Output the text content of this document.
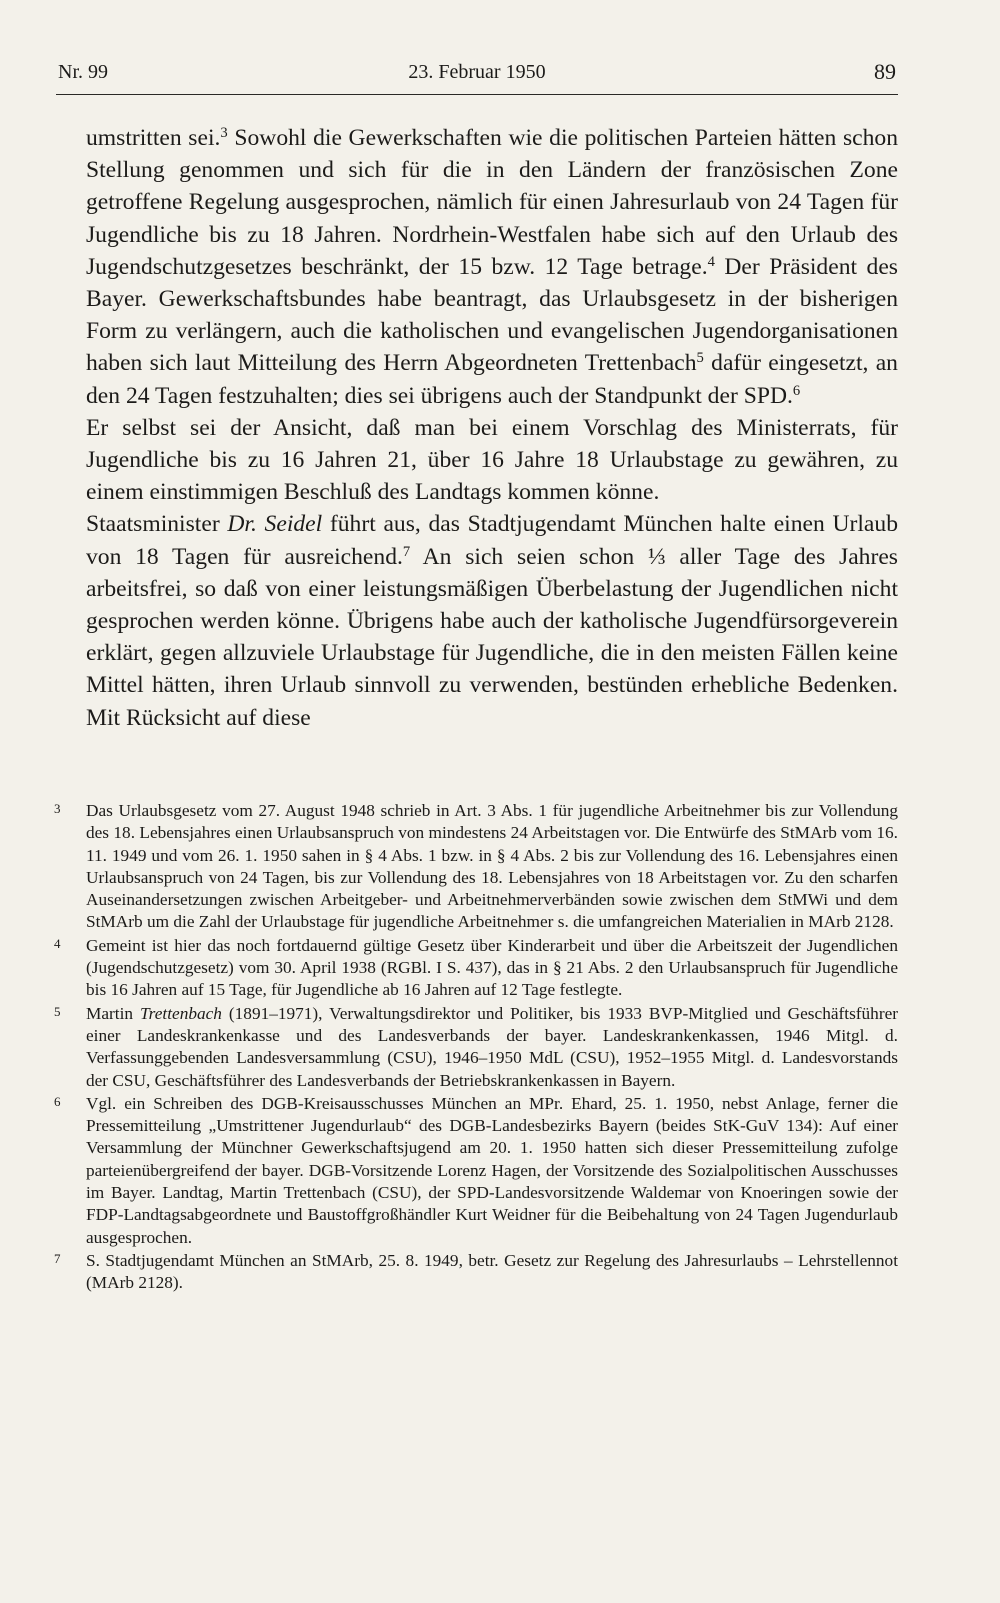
Nr. 99	23. Februar 1950	89

umstritten sei.$^3$ Sowohl die Gewerkschaften wie die politischen Parteien hätten schon Stellung genommen und sich für die in den Ländern der französischen Zone getroffene Regelung ausgesprochen, nämlich für einen Jahresurlaub von 24 Tagen für Jugendliche bis zu 18 Jahren. Nordrhein-Westfalen habe sich auf den Urlaub des Jugendschutzgesetzes beschränkt, der 15 bzw. 12 Tage betrage.$^4$ Der Präsident des Bayer. Gewerkschaftsbundes habe beantragt, das Urlaubsgesetz in der bisherigen Form zu verlängern, auch die katholischen und evangelischen Jugendorganisationen haben sich laut Mitteilung des Herrn Abgeordneten Trettenbach$^5$ dafür eingesetzt, an den 24 Tagen festzuhalten; dies sei übrigens auch der Standpunkt der SPD.$^6$

Er selbst sei der Ansicht, daß man bei einem Vorschlag des Ministerrats, für Jugendliche bis zu 16 Jahren 21, über 16 Jahre 18 Urlaubstage zu gewähren, zu einem einstimmigen Beschluß des Landtags kommen könne.

Staatsminister Dr. Seidel führt aus, das Stadtjugendamt München halte einen Urlaub von 18 Tagen für ausreichend.$^7$ An sich seien schon ⅓ aller Tage des Jahres arbeitsfrei, so daß von einer leistungsmäßigen Überbelastung der Jugendlichen nicht gesprochen werden könne. Übrigens habe auch der katholische Jugendfürsorgeverein erklärt, gegen allzuviele Urlaubstage für Jugendliche, die in den meisten Fällen keine Mittel hätten, ihren Urlaub sinnvoll zu verwenden, bestünden erhebliche Bedenken. Mit Rücksicht auf diese

3 Das Urlaubsgesetz vom 27. August 1948 schrieb in Art. 3 Abs. 1 für jugendliche Arbeitnehmer bis zur Vollendung des 18. Lebensjahres einen Urlaubsanspruch von mindestens 24 Arbeitstagen vor. Die Entwürfe des StMArb vom 16. 11. 1949 und vom 26. 1. 1950 sahen in § 4 Abs. 1 bzw. in § 4 Abs. 2 bis zur Vollendung des 16. Lebensjahres einen Urlaubsanspruch von 24 Tagen, bis zur Vollendung des 18. Lebensjahres von 18 Arbeitstagen vor. Zu den scharfen Auseinandersetzungen zwischen Arbeitgeber- und Arbeitnehmerverbänden sowie zwischen dem StMWi und dem StMArb um die Zahl der Urlaubstage für jugendliche Arbeitnehmer s. die umfangreichen Materialien in MArb 2128.

4 Gemeint ist hier das noch fortdauernd gültige Gesetz über Kinderarbeit und über die Arbeitszeit der Jugendlichen (Jugendschutzgesetz) vom 30. April 1938 (RGBl. I S. 437), das in § 21 Abs. 2 den Urlaubsanspruch für Jugendliche bis 16 Jahren auf 15 Tage, für Jugendliche ab 16 Jahren auf 12 Tage festlegte.

5 Martin Trettenbach (1891–1971), Verwaltungsdirektor und Politiker, bis 1933 BVP-Mitglied und Geschäftsführer einer Landeskrankenkasse und des Landesverbands der bayer. Landeskrankenkassen, 1946 Mitgl. d. Verfassunggebenden Landesversammlung (CSU), 1946–1950 MdL (CSU), 1952–1955 Mitgl. d. Landesvorstands der CSU, Geschäftsführer des Landesverbands der Betriebskrankenkassen in Bayern.

6 Vgl. ein Schreiben des DGB-Kreisausschusses München an MPr. Ehard, 25. 1. 1950, nebst Anlage, ferner die Pressemitteilung „Umstrittener Jugendurlaub“ des DGB-Landesbezirks Bayern (beides StK-GuV 134): Auf einer Versammlung der Münchner Gewerkschaftsjugend am 20. 1. 1950 hatten sich dieser Pressemitteilung zufolge parteienübergreifend der bayer. DGB-Vorsitzende Lorenz Hagen, der Vorsitzende des Sozialpolitischen Ausschusses im Bayer. Landtag, Martin Trettenbach (CSU), der SPD-Landesvorsitzende Waldemar von Knoeringen sowie der FDP-Landtagsabgeordnete und Baustoffgroßhändler Kurt Weidner für die Beibehaltung von 24 Tagen Jugendurlaub ausgesprochen.

7 S. Stadtjugendamt München an StMArb, 25. 8. 1949, betr. Gesetz zur Regelung des Jahresurlaubs – Lehrstellennot (MArb 2128).
